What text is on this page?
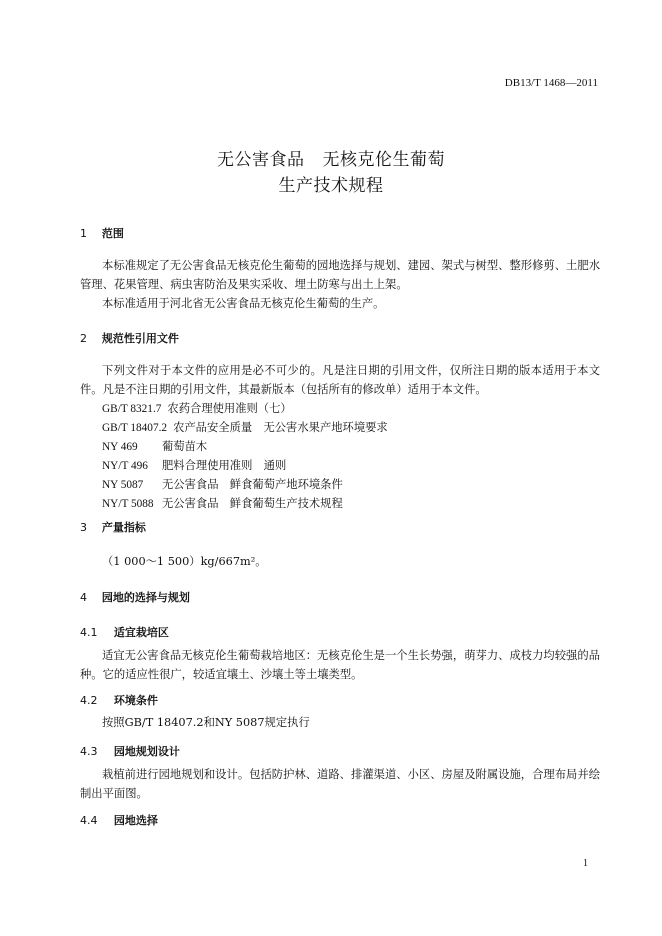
DB13/T 1468—2011
无公害食品 无核克伦生葡萄
生产技术规程
1 范围

本标准规定了无公害食品无核克伦生葡萄的园地选择与规划、建园、架式与树型、整形修剪、土肥水管理、花果管理、病虫害防治及果实采收、埋土防寒与出土上架。

本标准适用于河北省无公害食品无核克伦生葡萄的生产。

2 规范性引用文件

下列文件对于本文件的应用是必不可少的。凡是注日期的引用文件，仅所注日期的版本适用于本文件。凡是不注日期的引用文件，其最新版本（包括所有的修改单）适用于本文件。

GB/T 8321.7 农药合理使用准则（七）
GB/T 18407.2 农产品安全质量　无公害水果产地环境要求
NY 469 葡萄苗木
NY/T 496 肥料合理使用准则　通则
NY 5087 无公害食品　鲜食葡萄产地环境条件
NY/T 5088 无公害食品　鲜食葡萄生产技术规程
3 产量指标
（1 000～1 500）kg/667m²。
4 园地的选择与规划
4.1 适宜栽培区

适宜无公害食品无核克伦生葡萄栽培地区：无核克伦生是一个生长势强，萌芽力、成枝力均较强的品种。它的适应性很广，较适宜壤土、沙壤土等土壤类型。

4.2 环境条件
按照GB/T 18407.2和NY 5087规定执行
4.3 园地规划设计

栽植前进行园地规划和设计。包括防护林、道路、排灌渠道、小区、房屋及附属设施，合理布局并绘制出平面图。

4.4 园地选择
1
